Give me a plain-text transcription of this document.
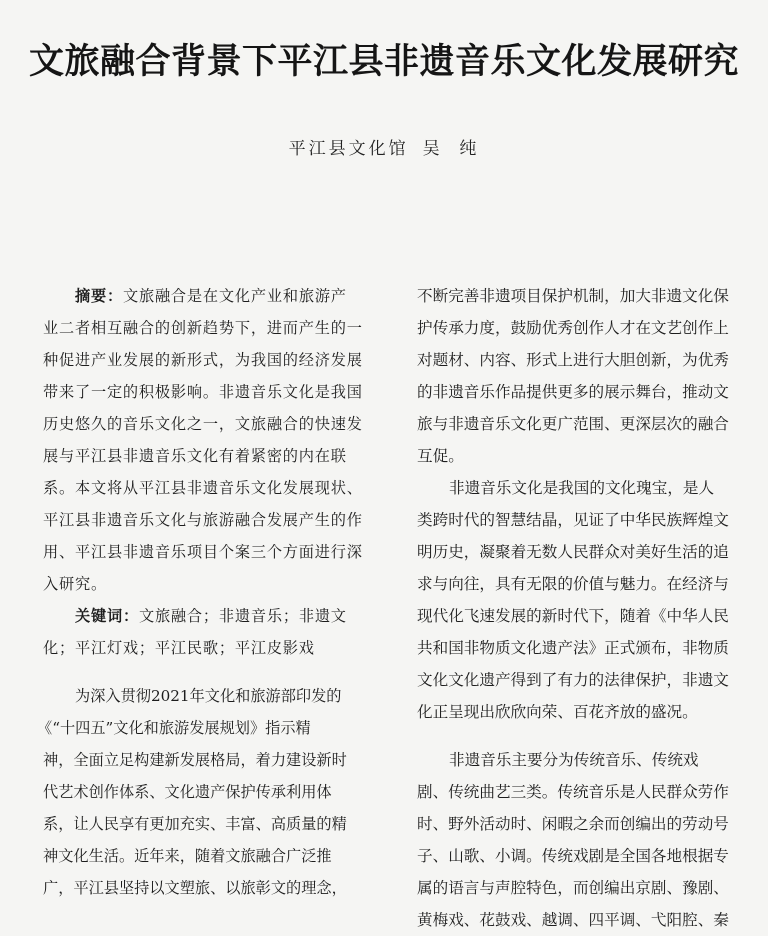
文旅融合背景下平江县非遗音乐文化发展研究
平江县文化馆 吴  纯
摘要：文旅融合是在文化产业和旅游产
业二者相互融合的创新趋势下，进而产生的一
种促进产业发展的新形式，为我国的经济发展
带来了一定的积极影响。非遗音乐文化是我国
历史悠久的音乐文化之一，文旅融合的快速发
展与平江县非遗音乐文化有着紧密的内在联
系。本文将从平江县非遗音乐文化发展现状、
平江县非遗音乐文化与旅游融合发展产生的作
用、平江县非遗音乐项目个案三个方面进行深
入研究。
关键词：文旅融合；非遗音乐；非遗文
化；平江灯戏；平江民歌；平江皮影戏
为深入贯彻2021年文化和旅游部印发的
《“十四五”文化和旅游发展规划》指示精
神，全面立足构建新发展格局，着力建设新时
代艺术创作体系、文化遗产保护传承利用体
系，让人民享有更加充实、丰富、高质量的精
神文化生活。近年来，随着文旅融合广泛推
广，平江县坚持以文塑旅、以旅彰文的理念，
不断完善非遗项目保护机制，加大非遗文化保
护传承力度，鼓励优秀创作人才在文艺创作上
对题材、内容、形式上进行大胆创新，为优秀
的非遗音乐作品提供更多的展示舞台，推动文
旅与非遗音乐文化更广范围、更深层次的融合
互促。
非遗音乐文化是我国的文化瑰宝，是人
类跨时代的智慧结晶，见证了中华民族辉煌文
明历史，凝聚着无数人民群众对美好生活的追
求与向往，具有无限的价值与魅力。在经济与
现代化飞速发展的新时代下，随着《中华人民
共和国非物质文化遗产法》正式颁布，非物质
文化文化遗产得到了有力的法律保护，非遗文
化正呈现出欣欣向荣、百花齐放的盛况。
非遗音乐主要分为传统音乐、传统戏
剧、传统曲艺三类。传统音乐是人民群众劳作
时、野外活动时、闲暇之余而创编出的劳动号
子、山歌、小调。传统戏剧是全国各地根据专
属的语言与声腔特色，而创编出京剧、豫剧、
黄梅戏、花鼓戏、越调、四平调、弋阳腔、秦
